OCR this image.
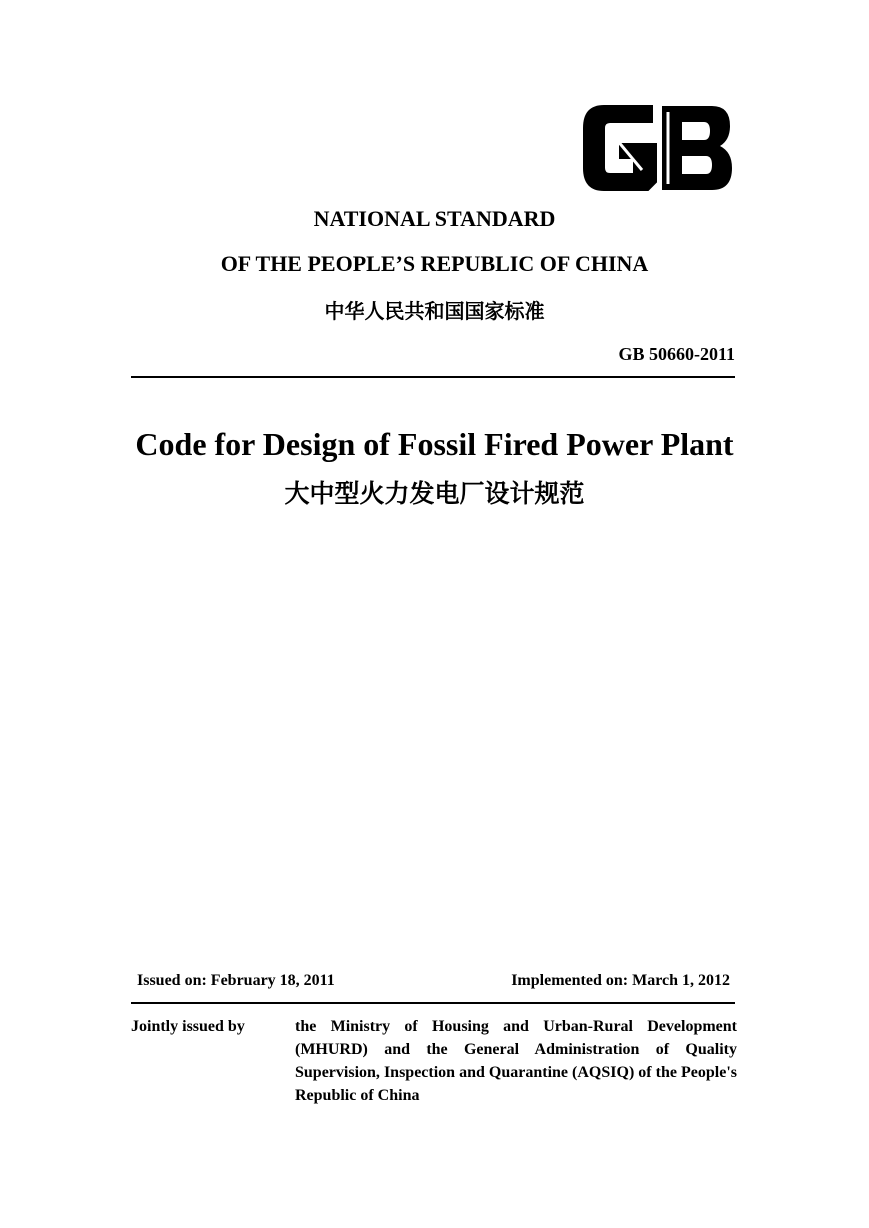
NATIONAL STANDARD
OF THE PEOPLE’S REPUBLIC OF CHINA
中华人民共和国国家标准
GB 50660-2011
Code for Design of Fossil Fired Power Plant
大中型火力发电厂设计规范
Issued on: February 18, 2011	Implemented on: March 1, 2012
Jointly issued by	the Ministry of Housing and Urban-Rural Development (MHURD) and the General Administration of Quality Supervision, Inspection and Quarantine (AQSIQ) of the People's Republic of China
